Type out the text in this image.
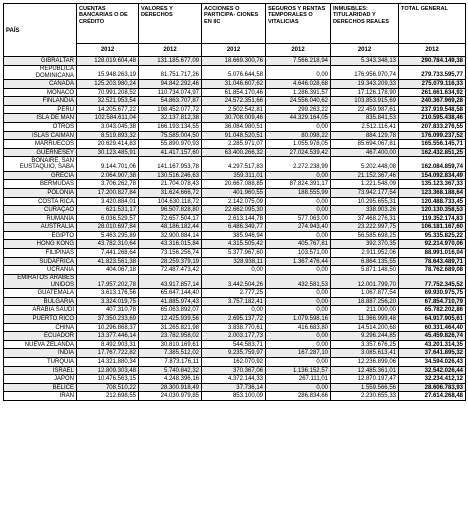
PAÍS	CUENTAS BANCARIAS O DE CRÉDITO	VALORES Y DERECHOS	ACCIONES O PARTICIPA- CIONES EN IIC	SEGUROS Y RENTAS TEMPORALES O VITALICIAS	INMUEBLES: TITULARIDAD Y DERECHOS REALES	TOTAL GENERAL
	2012	2012	2012	2012	2012	2012
GIBRALTAR	128.019.604,48	131.185.677,09	18.669.300,76	7.566.218,94	5.343.348,13	290.784.149,38
REPÚBLICA DOMINICANA	15.948.263,19	81.751.717,26	5.076.644,58	0,00	176.956.970,74	279.733.595,77
CANADÁ	125.203.980,24	94.842.292,46	31.046.607,62	4.646.028,68	19.343.209,33	275.079.116,33
MÓNACO	70.991.208,52	110.734.074,97	61.854.170,46	1.286.391,57	17.126.178,90	261.661.634,92
FINLANDIA	32.521.953,54	54.863.707,87	24.572.351,66	24.556.040,62	103.853.915,69	240.367.969,28
PERÚ	14.205.677,22	198.452.077,72	2.502.542,81	299.263,22	22.459.987,61	237.919.548,58
ISLA DE MAN	102.584.611,04	32.137.812,38	30.708.009,46	44.329.164,05	835.841,53	210.595.438,46
OTROS	3.043.045,38	166.193.134,55	36.084.980,51	0,00	2.512.116,41	207.833.276,55
ISLAS CAIMÁN	8.519.893,32	75.585.004,50	91.048.520,51	80.098,22	884.129,78	176.099.237,52
MARRUECOS	20.629.414,83	55.890.970,93	2.285.971,07	1.055.978,05	85.694.067,81	165.556.145,71
GUERNESEY	30.123.485,91	41.417.157,60	63.400.266,32	27.024.539,42	467.400,00	162.432.851,25
BONAIRE, SAN EUSTAQUIO, SABA	9.144.701,06	141.167.953,78	4.297.517,83	2.272.238,99	5.202.448,08	162.084.859,74
GRECIA	2.064.907,38	130.516.246,63	359.311,01	0,00	21.152.367,46	154.092.834,49
BERMUDAS	3.706.262,78	21.704.078,43	20.667.088,85	87.824.391,17	1.221.548,09	135.123.367,33
POLONIA	17.200.827,84	31.624.666,72	401.960,55	188.555,99	73.942.177,54	123.368.188,64
COSTA RICA	3.420.884,01	104.630.118,72	2.142.075,09	0,00	10.295.655,31	120.488.733,45
CURAÇAO	621.531,17	96.507.828,80	22.662.095,30	0,00	338.903,26	120.130.358,53
RUMANÍA	6.036.529,57	72.657.504,17	2.613.144,78	577.063,00	37.468.276,31	119.352.174,83
AUSTRALIA	28.010.697,84	48.186.182,44	6.486.349,77	274.943,40	23.222.997,75	106.181.167,60
EGIPTO	5.463.295,89	32.900.884,14	385.946,94	0,00	56.585.698,25	95.335.825,22
HONG KONG	43.782.310,64	43.316.015,84	4.315.505,42	405.767,81	392.370,35	92.214.970,06
FILIPINAS	7.441.268,64	73.156.256,74	5.377.967,60	103.571,00	2.911.952,06	88.991.016,04
SUDÁFRICA	41.823.561,38	28.259.379,19	328.938,11	1.367.476,44	6.864.135,55	78.643.489,71
UCRANIA	404.067,18	72.487.473,42	0,00	0,00	5.871.148,50	78.762.689,08
EMIRATOS ÁRABES UNIDOS	17.957.202,78	43.917.857,14	3.442.504,26	432.581,53	12.001.799,70	77.752.345,52
GUATEMALA	3.613.176,56	65.647.144,40	2.777,25	0,00	1.067.877,54	69.930.975,75
BULGARIA	3.324.019,75	41.885.974,43	3.757.182,41	0,00	18.887.256,20	67.854.710,79
ARABIA SAUDÍ	407.310,78	65.063.892,07	0,00	0,00	211.000,00	65.782.202,86
PUERTO RICO	37.350.233,69	12.425.939,56	2.695.137,72	1.079.598,16	11.366.999,48	64.917.905,61
CHINA	10.296.868,37	31.265.821,98	3.838.770,61	416.683,80	14.514.200,68	60.331.464,40
ECUADOR	13.377.446,14	23.782.958,02	2.003.177,73	0,00	9.296.244,85	45.459.826,74
NUEVA ZELANDA	8.492.903,31	30.810.169,61	544.583,71	0,00	3.357.676,25	43.201.314,35
INDIA	17.767.722,82	7.385.512,02	9.235.759,97	167.287,10	3.085.613,41	37.641.895,32
TURQUÍA	14.321.880,34	7.873.176,11	162.070,92	0,00	12.236.899,06	34.594.026,43
ISRAEL	12.809.303,48	5.740.842,32	370.367,06	1.136.152,57	12.485.361,01	32.542.026,44
JAPÓN	10.476.563,15	4.248.396,16	4.372.144,33	267.111,01	12.870.197,47	32.234.412,12
BELICE	708.510,22	28.300.918,49	37.736,14	0,00	1.559.566,56	28.606.783,93
IRÁN	212.698,55	24.030.979,85	853.100,09	286.834,66	2.230.655,33	27.614.268,48
